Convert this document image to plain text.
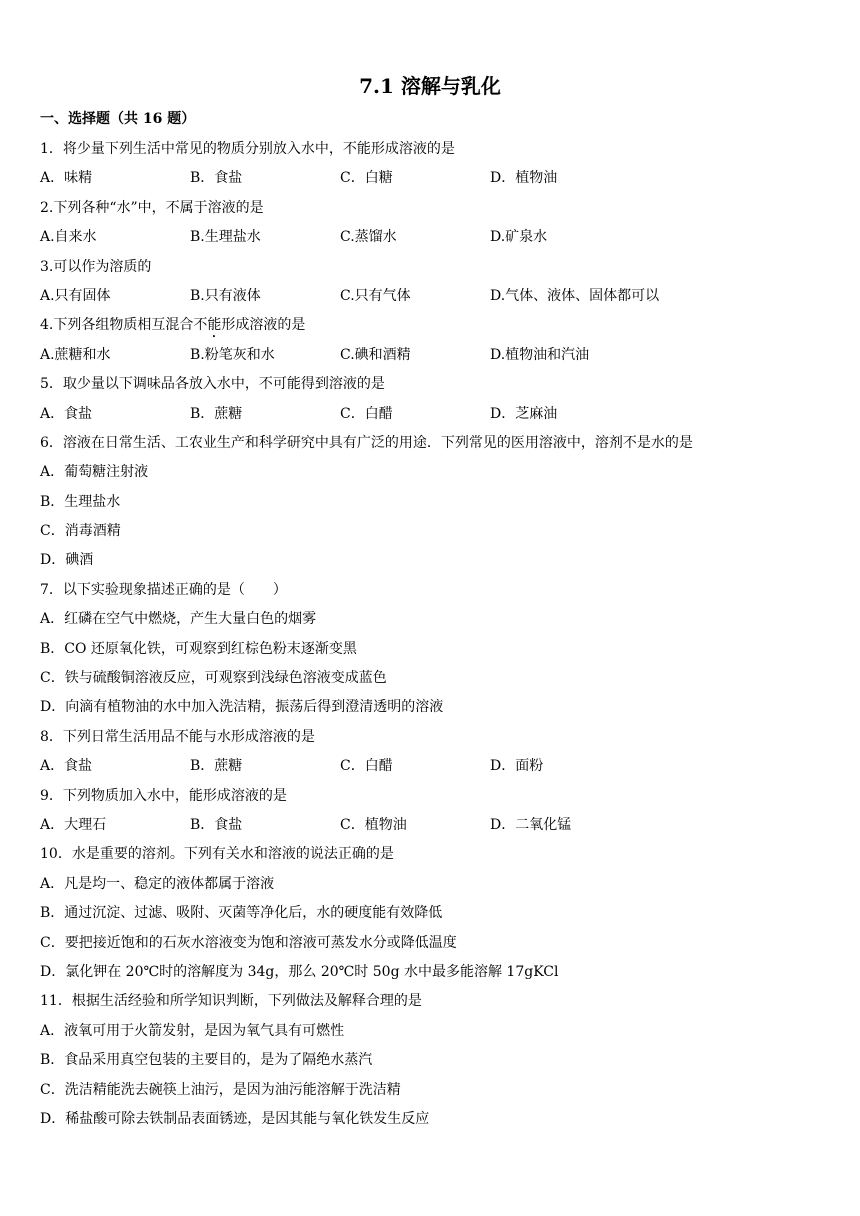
7.1 溶解与乳化
一、选择题（共 16 题）
1．将少量下列生活中常见的物质分别放入水中，不能形成溶液的是
A．味精	B．食盐	C．白糖	D．植物油
2.下列各种“水”中，不属于溶液的是
A.自来水	B.生理盐水	C.蒸馏水	D.矿泉水
3.可以作为溶质的
A.只有固体	B.只有液体	C.只有气体	D.气体、液体、固体都可以
4.下列各组物质相互混合不能形成溶液的是
A.蔗糖和水	B.粉笔灰和水	C.碘和酒精	D.植物油和汽油
5．取少量以下调味品各放入水中，不可能得到溶液的是
A．食盐	B．蔗糖	C．白醋	D．芝麻油
6．溶液在日常生活、工农业生产和科学研究中具有广泛的用途．下列常见的医用溶液中，溶剂不是水的是
A．葡萄糖注射液
B．生理盐水
C．消毒酒精
D．碘酒
7．以下实验现象描述正确的是（　　）
A．红磷在空气中燃烧，产生大量白色的烟雾
B．CO 还原氧化铁，可观察到红棕色粉末逐渐变黑
C．铁与硫酸铜溶液反应，可观察到浅绿色溶液变成蓝色
D．向滴有植物油的水中加入洗洁精，振荡后得到澄清透明的溶液
8．下列日常生活用品不能与水形成溶液的是
A．食盐	B．蔗糖	C．白醋	D．面粉
9．下列物质加入水中，能形成溶液的是
A．大理石	B．食盐	C．植物油	D．二氧化锰
10．水是重要的溶剂。下列有关水和溶液的说法正确的是
A．凡是均一、稳定的液体都属于溶液
B．通过沉淀、过滤、吸附、灭菌等净化后，水的硬度能有效降低
C．要把接近饱和的石灰水溶液变为饱和溶液可蒸发水分或降低温度
D．氯化钾在 20℃时的溶解度为 34g，那么 20℃时 50g 水中最多能溶解 17gKCl
11．根据生活经验和所学知识判断，下列做法及解释合理的是
A．液氧可用于火箭发射，是因为氧气具有可燃性
B．食品采用真空包装的主要目的，是为了隔绝水蒸汽
C．洗洁精能洗去碗筷上油污，是因为油污能溶解于洗洁精
D．稀盐酸可除去铁制品表面锈迹，是因其能与氧化铁发生反应
